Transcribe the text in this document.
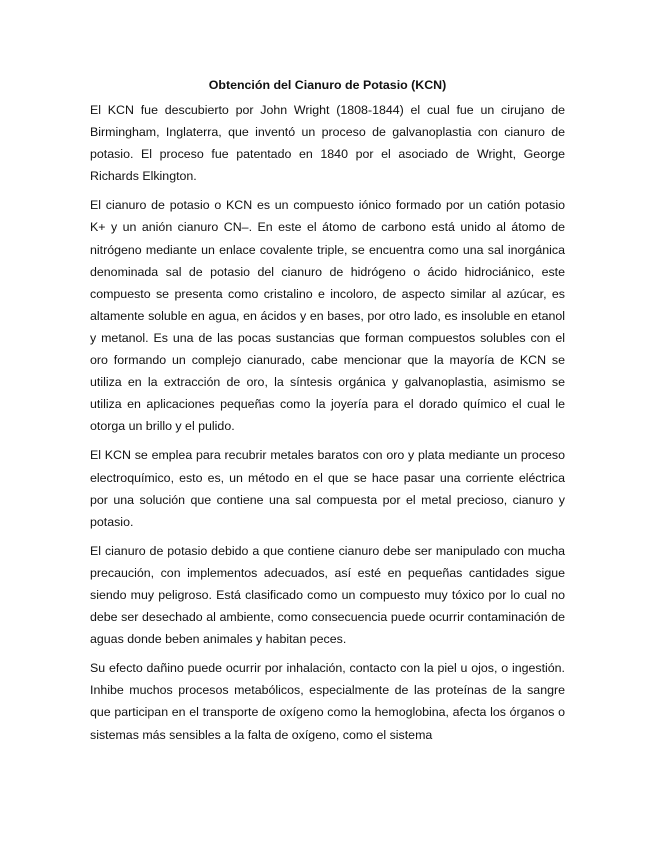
Obtención del Cianuro de Potasio (KCN)

El KCN fue descubierto por John Wright (1808-1844) el cual fue un cirujano de Birmingham, Inglaterra, que inventó un proceso de galvanoplastia con cianuro de potasio. El proceso fue patentado en 1840 por el asociado de Wright, George Richards Elkington.

El cianuro de potasio o KCN es un compuesto iónico formado por un catión potasio K+ y un anión cianuro CN–. En este el átomo de carbono está unido al átomo de nitrógeno mediante un enlace covalente triple, se encuentra como una sal inorgánica denominada sal de potasio del cianuro de hidrógeno o ácido hidrociánico, este compuesto se presenta como cristalino e incoloro, de aspecto similar al azúcar, es altamente soluble en agua, en ácidos y en bases, por otro lado, es insoluble en etanol y metanol. Es una de las pocas sustancias que forman compuestos solubles con el oro formando un complejo cianurado, cabe mencionar que la mayoría de KCN se utiliza en la extracción de oro, la síntesis orgánica y galvanoplastia, asimismo se utiliza en aplicaciones pequeñas como la joyería para el dorado químico el cual le otorga un brillo y el pulido.

El KCN se emplea para recubrir metales baratos con oro y plata mediante un proceso electroquímico, esto es, un método en el que se hace pasar una corriente eléctrica por una solución que contiene una sal compuesta por el metal precioso, cianuro y potasio.

El cianuro de potasio debido a que contiene cianuro debe ser manipulado con mucha precaución, con implementos adecuados, así esté en pequeñas cantidades sigue siendo muy peligroso. Está clasificado como un compuesto muy tóxico por lo cual no debe ser desechado al ambiente, como consecuencia puede ocurrir contaminación de aguas donde beben animales y habitan peces.

Su efecto dañino puede ocurrir por inhalación, contacto con la piel u ojos, o ingestión. Inhibe muchos procesos metabólicos, especialmente de las proteínas de la sangre que participan en el transporte de oxígeno como la hemoglobina, afecta los órganos o sistemas más sensibles a la falta de oxígeno, como el sistema
